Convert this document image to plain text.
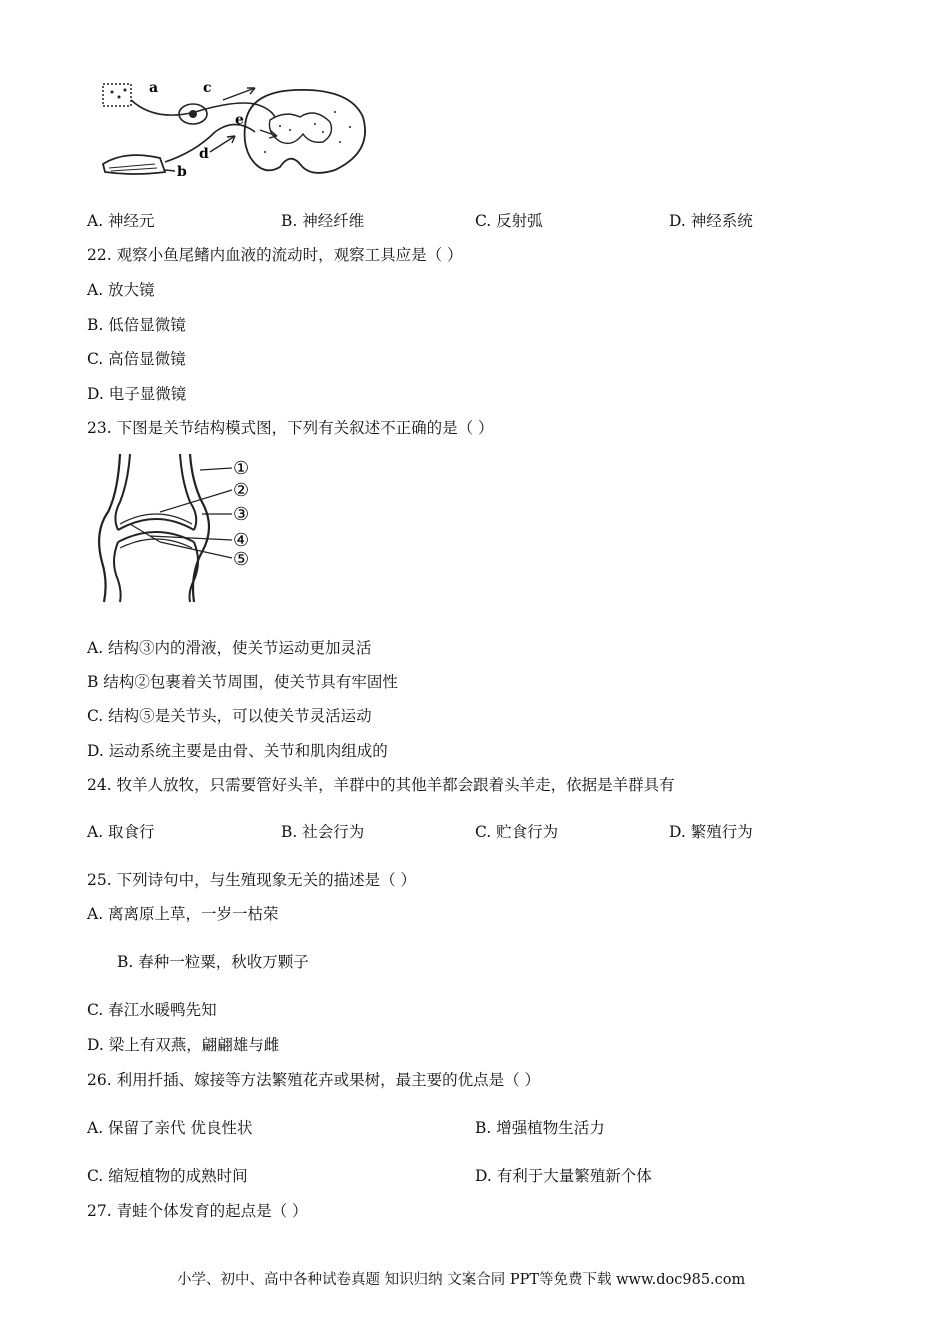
a
b
c
d
e
A. 神经元	B. 神经纤维	C. 反射弧	D. 神经系统
22. 观察小鱼尾鳍内血液的流动时，观察工具应是（ ）
A. 放大镜
B. 低倍显微镜
C. 高倍显微镜
D. 电子显微镜
23. 下图是关节结构模式图，下列有关叙述不正确的是（ ）
①
②
③
④
⑤
A. 结构③内的滑液，使关节运动更加灵活
B 结构②包裹着关节周围，使关节具有牢固性
C. 结构⑤是关节头，可以使关节灵活运动
D. 运动系统主要是由骨、关节和肌肉组成的
24. 牧羊人放牧，只需要管好头羊，羊群中的其他羊都会跟着头羊走，依据是羊群具有
A. 取食行	B. 社会行为	C. 贮食行为	D. 繁殖行为
25. 下列诗句中，与生殖现象无关的描述是（ ）
A. 离离原上草，一岁一枯荣
B. 春种一粒粟，秋收万颗子
C. 春江水暖鸭先知
D. 梁上有双燕，翩翩雄与雌
26. 利用扦插、嫁接等方法繁殖花卉或果树，最主要的优点是（ ）
A. 保留了亲代 优良性状	B. 增强植物生活力
C. 缩短植物的成熟时间	D. 有利于大量繁殖新个体
27. 青蛙个体发育的起点是（ ）
小学、初中、高中各种试卷真题 知识归纳 文案合同 PPT等免费下载 www.doc985.com
